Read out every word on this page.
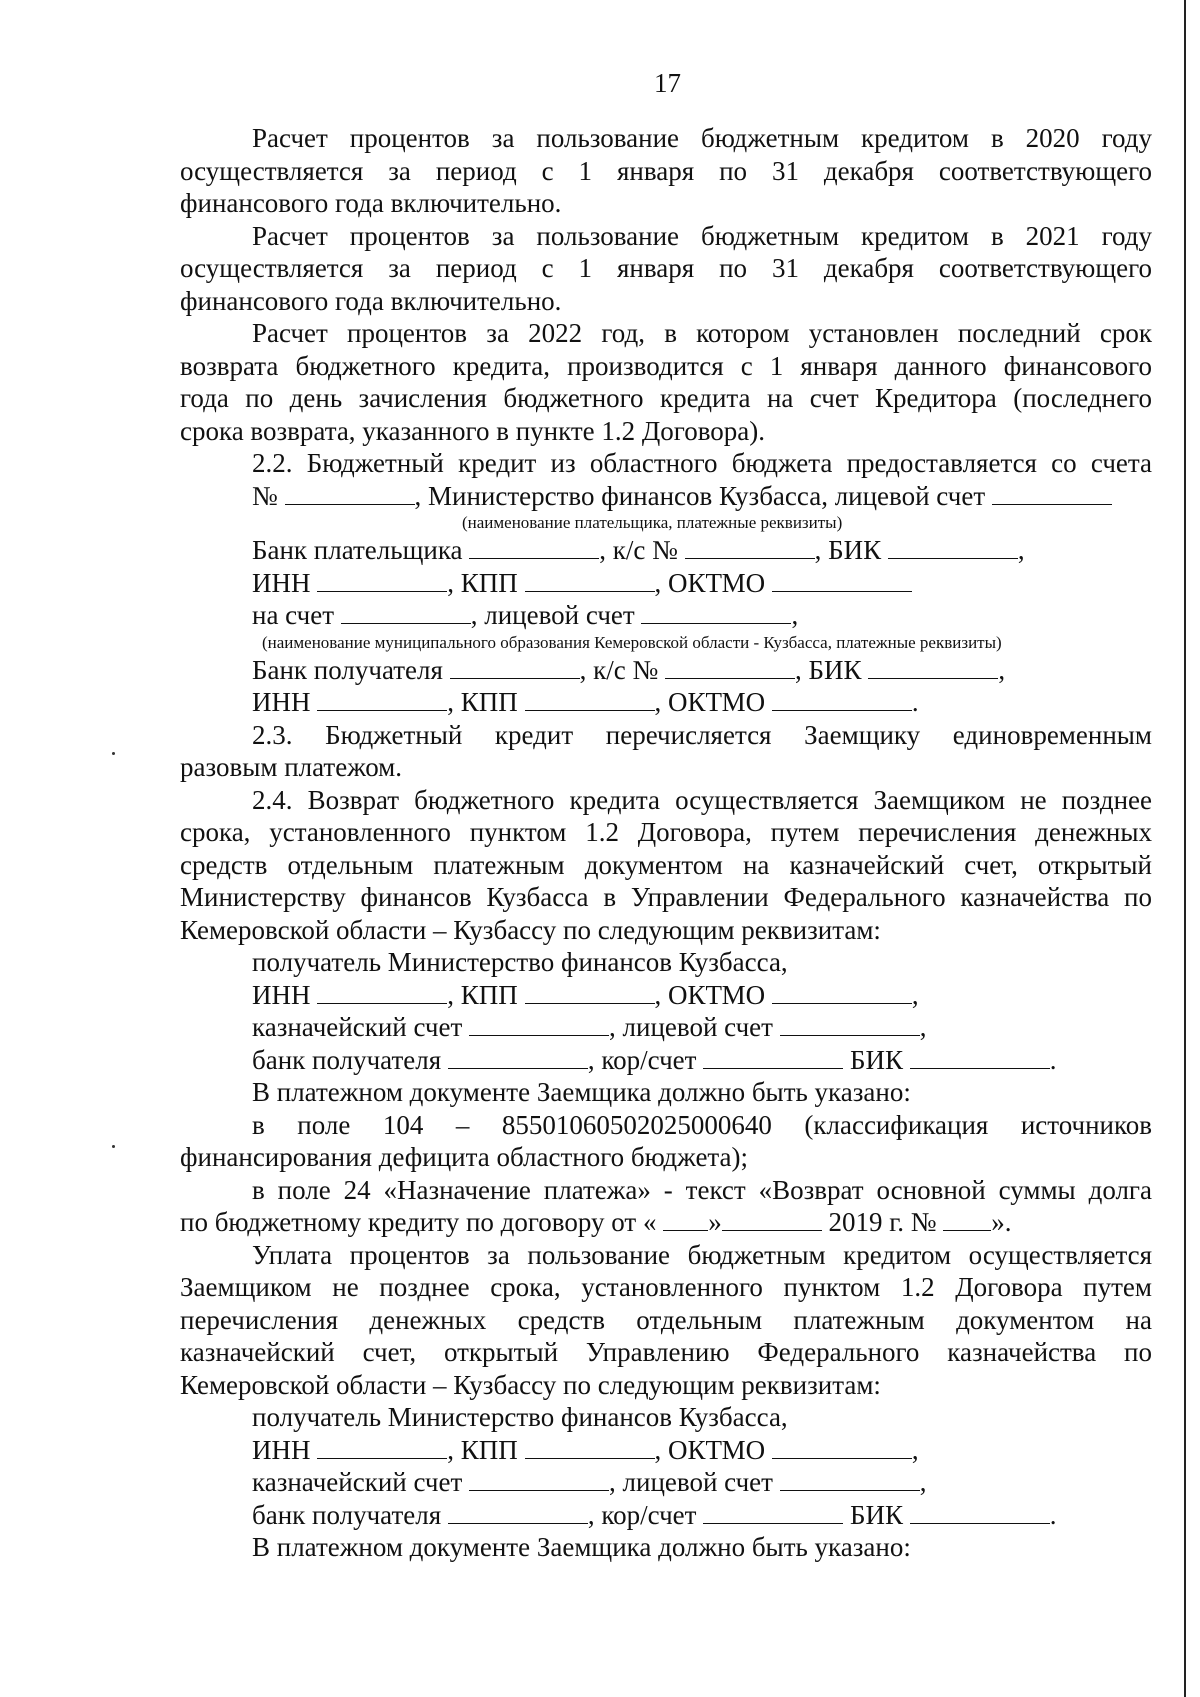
17
Расчет процентов за пользование бюджетным кредитом в 2020 году
осуществляется за период с 1 января по 31 декабря соответствующего
финансового года включительно.
Расчет процентов за пользование бюджетным кредитом в 2021 году
осуществляется за период с 1 января по 31 декабря соответствующего
финансового года включительно.
Расчет процентов за 2022 год, в котором установлен последний срок
возврата бюджетного кредита, производится с 1 января данного финансового
года по день зачисления бюджетного кредита на счет Кредитора (последнего
срока возврата, указанного в пункте 1.2 Договора).
2.2. Бюджетный кредит из областного бюджета предоставляется со счета
№	, Министерство финансов Кузбасса, лицевой счет
(наименование плательщика, платежные реквизиты)
Банк плательщика	, к/с №	, БИК	,
ИНН	, КПП	, ОКТМО
на счет	, лицевой счет	,
(наименование муниципального образования Кемеровской области - Кузбасса, платежные реквизиты)
Банк получателя	, к/с №	, БИК	,
ИНН	, КПП	, ОКТМО	.
2.3. Бюджетный кредит перечисляется Заемщику единовременным
разовым платежом.
2.4. Возврат бюджетного кредита осуществляется Заемщиком не позднее
срока, установленного пунктом 1.2 Договора, путем перечисления денежных
средств отдельным платежным документом на казначейский счет, открытый
Министерству финансов Кузбасса в Управлении Федерального казначейства по
Кемеровской области – Кузбассу по следующим реквизитам:
получатель Министерство финансов Кузбасса,
ИНН	, КПП	, ОКТМО	,
казначейский счет	, лицевой счет	,
банк получателя	, кор/счет	БИК	.
В платежном документе Заемщика должно быть указано:
в поле 104 – 85501060502025000640 (классификация источников
финансирования дефицита областного бюджета);
в поле 24 «Назначение платежа» - текст «Возврат основной суммы долга
по бюджетному кредиту по договору от « »	2019 г. № ».
Уплата процентов за пользование бюджетным кредитом осуществляется
Заемщиком не позднее срока, установленного пунктом 1.2 Договора путем
перечисления денежных средств отдельным платежным документом на
казначейский счет, открытый Управлению Федерального казначейства по
Кемеровской области – Кузбассу по следующим реквизитам:
получатель Министерство финансов Кузбасса,
ИНН	, КПП	, ОКТМО	,
казначейский счет	, лицевой счет	,
банк получателя	, кор/счет	БИК	.
В платежном документе Заемщика должно быть указано:
